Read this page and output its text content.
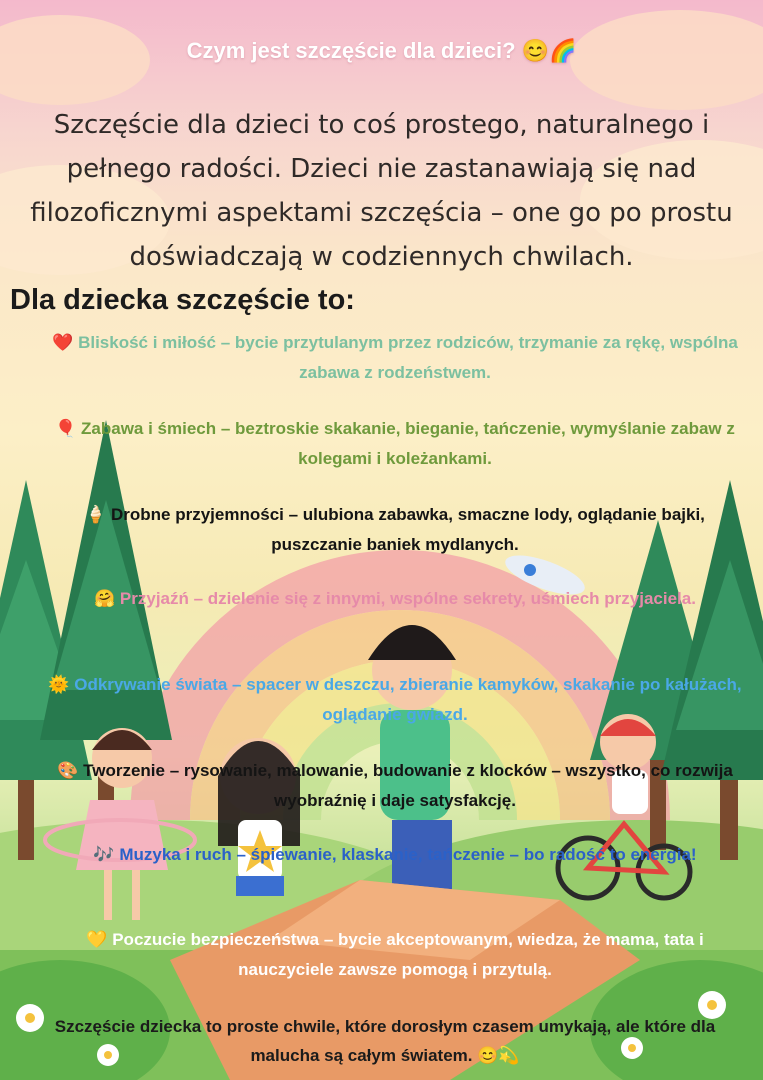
Czym jest szczęście dla dzieci? 😊🌈
Szczęście dla dzieci to coś prostego, naturalnego i pełnego radości. Dzieci nie zastanawiają się nad filozoficznymi aspektami szczęścia – one go po prostu doświadczają w codziennych chwilach.
Dla dziecka szczęście to:
❤️ Bliskość i miłość – bycie przytulanym przez rodziców, trzymanie za rękę, wspólna zabawa z rodzeństwem.
🎈 Zabawa i śmiech – beztroskie skakanie, bieganie, tańczenie, wymyślanie zabaw z kolegami i koleżankami.
🍦 Drobne przyjemności – ulubiona zabawka, smaczne lody, oglądanie bajki, puszczanie baniek mydlanych.
🤗 Przyjaźń – dzielenie się z innymi, wspólne sekrety, uśmiech przyjaciela.
🌞 Odkrywanie świata – spacer w deszczu, zbieranie kamyków, skakanie po kałużach, oglądanie gwiazd.
🎨 Tworzenie – rysowanie, malowanie, budowanie z klocków – wszystko, co rozwija wyobraźnię i daje satysfakcję.
🎶 Muzyka i ruch – śpiewanie, klaskanie, tańczenie – bo radość to energia!
💛 Poczucie bezpieczeństwa – bycie akceptowanym, wiedza, że mama, tata i nauczyciele zawsze pomogą i przytulą.
Szczęście dziecka to proste chwile, które dorosłym czasem umykają, ale które dla malucha są całym światem. 😊💫
